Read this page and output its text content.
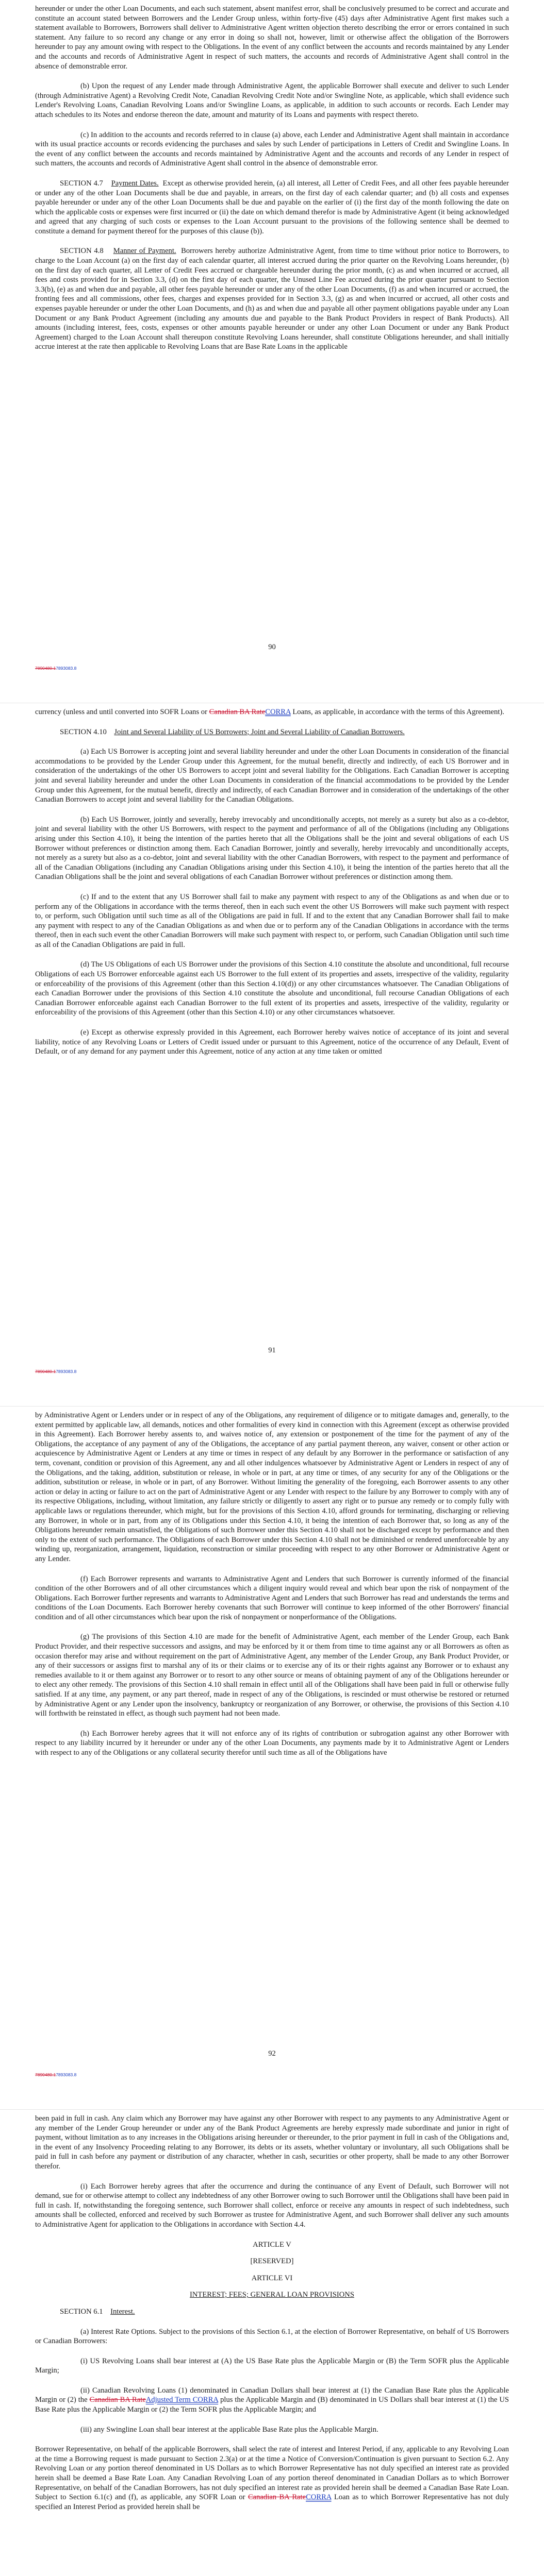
hereunder or under the other Loan Documents, and each such statement, absent manifest error, shall be conclusively presumed to be correct and accurate and constitute an account stated between Borrowers and the Lender Group unless, within forty-five (45) days after Administrative Agent first makes such a statement available to Borrowers, Borrowers shall deliver to Administrative Agent written objection thereto describing the error or errors contained in such statement. Any failure to so record any change or any error in doing so shall not, however, limit or otherwise affect the obligation of the Borrowers hereunder to pay any amount owing with respect to the Obligations. In the event of any conflict between the accounts and records maintained by any Lender and the accounts and records of Administrative Agent in respect of such matters, the accounts and records of Administrative Agent shall control in the absence of demonstrable error.

(b) Upon the request of any Lender made through Administrative Agent, the applicable Borrower shall execute and deliver to such Lender (through Administrative Agent) a Revolving Credit Note, Canadian Revolving Credit Note and/or Swingline Note, as applicable, which shall evidence such Lender's Revolving Loans, Canadian Revolving Loans and/or Swingline Loans, as applicable, in addition to such accounts or records. Each Lender may attach schedules to its Notes and endorse thereon the date, amount and maturity of its Loans and payments with respect thereto.

(c) In addition to the accounts and records referred to in clause (a) above, each Lender and Administrative Agent shall maintain in accordance with its usual practice accounts or records evidencing the purchases and sales by such Lender of participations in Letters of Credit and Swingline Loans. In the event of any conflict between the accounts and records maintained by Administrative Agent and the accounts and records of any Lender in respect of such matters, the accounts and records of Administrative Agent shall control in the absence of demonstrable error.

SECTION 4.7 Payment Dates. Except as otherwise provided herein, (a) all interest, all Letter of Credit Fees, and all other fees payable hereunder or under any of the other Loan Documents shall be due and payable, in arrears, on the first day of each calendar quarter; and (b) all costs and expenses payable hereunder or under any of the other Loan Documents shall be due and payable on the earlier of (i) the first day of the month following the date on which the applicable costs or expenses were first incurred or (ii) the date on which demand therefor is made by Administrative Agent (it being acknowledged and agreed that any charging of such costs or expenses to the Loan Account pursuant to the provisions of the following sentence shall be deemed to constitute a demand for payment thereof for the purposes of this clause (b)).

SECTION 4.8 Manner of Payment. Borrowers hereby authorize Administrative Agent, from time to time without prior notice to Borrowers, to charge to the Loan Account (a) on the first day of each calendar quarter, all interest accrued during the prior quarter on the Revolving Loans hereunder, (b) on the first day of each quarter, all Letter of Credit Fees accrued or chargeable hereunder during the prior month, (c) as and when incurred or accrued, all fees and costs provided for in Section 3.3, (d) on the first day of each quarter, the Unused Line Fee accrued during the prior quarter pursuant to Section 3.3(b), (e) as and when due and payable, all other fees payable hereunder or under any of the other Loan Documents, (f) as and when incurred or accrued, the fronting fees and all commissions, other fees, charges and expenses provided for in Section 3.3, (g) as and when incurred or accrued, all other costs and expenses payable hereunder or under the other Loan Documents, and (h) as and when due and payable all other payment obligations payable under any Loan Document or any Bank Product Agreement (including any amounts due and payable to the Bank Product Providers in respect of Bank Products). All amounts (including interest, fees, costs, expenses or other amounts payable hereunder or under any other Loan Document or under any Bank Product Agreement) charged to the Loan Account shall thereupon constitute Revolving Loans hereunder, shall constitute Obligations hereunder, and shall initially accrue interest at the rate then applicable to Revolving Loans that are Base Rate Loans in the applicable

90
7890480.17893083.8

currency (unless and until converted into SOFR Loans or Canadian BA RateCORRA Loans, as applicable, in accordance with the terms of this Agreement).

SECTION 4.10 Joint and Several Liability of US Borrowers; Joint and Several Liability of Canadian Borrowers.

(a) Each US Borrower is accepting joint and several liability hereunder and under the other Loan Documents in consideration of the financial accommodations to be provided by the Lender Group under this Agreement, for the mutual benefit, directly and indirectly, of each US Borrower and in consideration of the undertakings of the other US Borrowers to accept joint and several liability for the Obligations. Each Canadian Borrower is accepting joint and several liability hereunder and under the other Loan Documents in consideration of the financial accommodations to be provided by the Lender Group under this Agreement, for the mutual benefit, directly and indirectly, of each Canadian Borrower and in consideration of the undertakings of the other Canadian Borrowers to accept joint and several liability for the Canadian Obligations.

(b) Each US Borrower, jointly and severally, hereby irrevocably and unconditionally accepts, not merely as a surety but also as a co-debtor, joint and several liability with the other US Borrowers, with respect to the payment and performance of all of the Obligations (including any Obligations arising under this Section 4.10), it being the intention of the parties hereto that all the Obligations shall be the joint and several obligations of each US Borrower without preferences or distinction among them. Each Canadian Borrower, jointly and severally, hereby irrevocably and unconditionally accepts, not merely as a surety but also as a co-debtor, joint and several liability with the other Canadian Borrowers, with respect to the payment and performance of all of the Canadian Obligations (including any Canadian Obligations arising under this Section 4.10), it being the intention of the parties hereto that all the Canadian Obligations shall be the joint and several obligations of each Canadian Borrower without preferences or distinction among them.

(c) If and to the extent that any US Borrower shall fail to make any payment with respect to any of the Obligations as and when due or to perform any of the Obligations in accordance with the terms thereof, then in each such event the other US Borrowers will make such payment with respect to, or perform, such Obligation until such time as all of the Obligations are paid in full. If and to the extent that any Canadian Borrower shall fail to make any payment with respect to any of the Canadian Obligations as and when due or to perform any of the Canadian Obligations in accordance with the terms thereof, then in each such event the other Canadian Borrowers will make such payment with respect to, or perform, such Canadian Obligation until such time as all of the Canadian Obligations are paid in full.

(d) The US Obligations of each US Borrower under the provisions of this Section 4.10 constitute the absolute and unconditional, full recourse Obligations of each US Borrower enforceable against each US Borrower to the full extent of its properties and assets, irrespective of the validity, regularity or enforceability of the provisions of this Agreement (other than this Section 4.10(d)) or any other circumstances whatsoever. The Canadian Obligations of each Canadian Borrower under the provisions of this Section 4.10 constitute the absolute and unconditional, full recourse Canadian Obligations of each Canadian Borrower enforceable against each Canadian Borrower to the full extent of its properties and assets, irrespective of the validity, regularity or enforceability of the provisions of this Agreement (other than this Section 4.10) or any other circumstances whatsoever.

(e) Except as otherwise expressly provided in this Agreement, each Borrower hereby waives notice of acceptance of its joint and several liability, notice of any Revolving Loans or Letters of Credit issued under or pursuant to this Agreement, notice of the occurrence of any Default, Event of Default, or of any demand for any payment under this Agreement, notice of any action at any time taken or omitted

91
7890480.17893083.8

by Administrative Agent or Lenders under or in respect of any of the Obligations, any requirement of diligence or to mitigate damages and, generally, to the extent permitted by applicable law, all demands, notices and other formalities of every kind in connection with this Agreement (except as otherwise provided in this Agreement). Each Borrower hereby assents to, and waives notice of, any extension or postponement of the time for the payment of any of the Obligations, the acceptance of any payment of any of the Obligations, the acceptance of any partial payment thereon, any waiver, consent or other action or acquiescence by Administrative Agent or Lenders at any time or times in respect of any default by any Borrower in the performance or satisfaction of any term, covenant, condition or provision of this Agreement, any and all other indulgences whatsoever by Administrative Agent or Lenders in respect of any of the Obligations, and the taking, addition, substitution or release, in whole or in part, at any time or times, of any security for any of the Obligations or the addition, substitution or release, in whole or in part, of any Borrower. Without limiting the generality of the foregoing, each Borrower assents to any other action or delay in acting or failure to act on the part of Administrative Agent or any Lender with respect to the failure by any Borrower to comply with any of its respective Obligations, including, without limitation, any failure strictly or diligently to assert any right or to pursue any remedy or to comply fully with applicable laws or regulations thereunder, which might, but for the provisions of this Section 4.10, afford grounds for terminating, discharging or relieving any Borrower, in whole or in part, from any of its Obligations under this Section 4.10, it being the intention of each Borrower that, so long as any of the Obligations hereunder remain unsatisfied, the Obligations of such Borrower under this Section 4.10 shall not be discharged except by performance and then only to the extent of such performance. The Obligations of each Borrower under this Section 4.10 shall not be diminished or rendered unenforceable by any winding up, reorganization, arrangement, liquidation, reconstruction or similar proceeding with respect to any other Borrower or Administrative Agent or any Lender.

(f) Each Borrower represents and warrants to Administrative Agent and Lenders that such Borrower is currently informed of the financial condition of the other Borrowers and of all other circumstances which a diligent inquiry would reveal and which bear upon the risk of nonpayment of the Obligations. Each Borrower further represents and warrants to Administrative Agent and Lenders that such Borrower has read and understands the terms and conditions of the Loan Documents. Each Borrower hereby covenants that such Borrower will continue to keep informed of the other Borrowers' financial condition and of all other circumstances which bear upon the risk of nonpayment or nonperformance of the Obligations.

(g) The provisions of this Section 4.10 are made for the benefit of Administrative Agent, each member of the Lender Group, each Bank Product Provider, and their respective successors and assigns, and may be enforced by it or them from time to time against any or all Borrowers as often as occasion therefor may arise and without requirement on the part of Administrative Agent, any member of the Lender Group, any Bank Product Provider, or any of their successors or assigns first to marshal any of its or their claims or to exercise any of its or their rights against any Borrower or to exhaust any remedies available to it or them against any Borrower or to resort to any other source or means of obtaining payment of any of the Obligations hereunder or to elect any other remedy. The provisions of this Section 4.10 shall remain in effect until all of the Obligations shall have been paid in full or otherwise fully satisfied. If at any time, any payment, or any part thereof, made in respect of any of the Obligations, is rescinded or must otherwise be restored or returned by Administrative Agent or any Lender upon the insolvency, bankruptcy or reorganization of any Borrower, or otherwise, the provisions of this Section 4.10 will forthwith be reinstated in effect, as though such payment had not been made.

(h) Each Borrower hereby agrees that it will not enforce any of its rights of contribution or subrogation against any other Borrower with respect to any liability incurred by it hereunder or under any of the other Loan Documents, any payments made by it to Administrative Agent or Lenders with respect to any of the Obligations or any collateral security therefor until such time as all of the Obligations have

92
7890480.17893083.8

been paid in full in cash. Any claim which any Borrower may have against any other Borrower with respect to any payments to any Administrative Agent or any member of the Lender Group hereunder or under any of the Bank Product Agreements are hereby expressly made subordinate and junior in right of payment, without limitation as to any increases in the Obligations arising hereunder or thereunder, to the prior payment in full in cash of the Obligations and, in the event of any Insolvency Proceeding relating to any Borrower, its debts or its assets, whether voluntary or involuntary, all such Obligations shall be paid in full in cash before any payment or distribution of any character, whether in cash, securities or other property, shall be made to any other Borrower therefor.

(i) Each Borrower hereby agrees that after the occurrence and during the continuance of any Event of Default, such Borrower will not demand, sue for or otherwise attempt to collect any indebtedness of any other Borrower owing to such Borrower until the Obligations shall have been paid in full in cash. If, notwithstanding the foregoing sentence, such Borrower shall collect, enforce or receive any amounts in respect of such indebtedness, such amounts shall be collected, enforced and received by such Borrower as trustee for Administrative Agent, and such Borrower shall deliver any such amounts to Administrative Agent for application to the Obligations in accordance with Section 4.4.

ARTICLE V

[RESERVED]

ARTICLE VI

INTEREST; FEES; GENERAL LOAN PROVISIONS

SECTION 6.1 Interest.

(a) Interest Rate Options. Subject to the provisions of this Section 6.1, at the election of Borrower Representative, on behalf of US Borrowers or Canadian Borrowers:

(i) US Revolving Loans shall bear interest at (A) the US Base Rate plus the Applicable Margin or (B) the Term SOFR plus the Applicable Margin;

(ii) Canadian Revolving Loans (1) denominated in Canadian Dollars shall bear interest at (1) the Canadian Base Rate plus the Applicable Margin or (2) the Canadian BA RateAdjusted Term CORRA plus the Applicable Margin and (B) denominated in US Dollars shall bear interest at (1) the US Base Rate plus the Applicable Margin or (2) the Term SOFR plus the Applicable Margin; and

(iii) any Swingline Loan shall bear interest at the applicable Base Rate plus the Applicable Margin.

Borrower Representative, on behalf of the applicable Borrowers, shall select the rate of interest and Interest Period, if any, applicable to any Revolving Loan at the time a Borrowing request is made pursuant to Section 2.3(a) or at the time a Notice of Conversion/Continuation is given pursuant to Section 6.2. Any Revolving Loan or any portion thereof denominated in US Dollars as to which Borrower Representative has not duly specified an interest rate as provided herein shall be deemed a Base Rate Loan. Any Canadian Revolving Loan of any portion thereof denominated in Canadian Dollars as to which Borrower Representative, on behalf of the Canadian Borrowers, has not duly specified an interest rate as provided herein shall be deemed a Canadian Base Rate Loan. Subject to Section 6.1(c) and (f), as applicable, any SOFR Loan or Canadian BA RateCORRA Loan as to which Borrower Representative has not duly specified an Interest Period as provided herein shall be
